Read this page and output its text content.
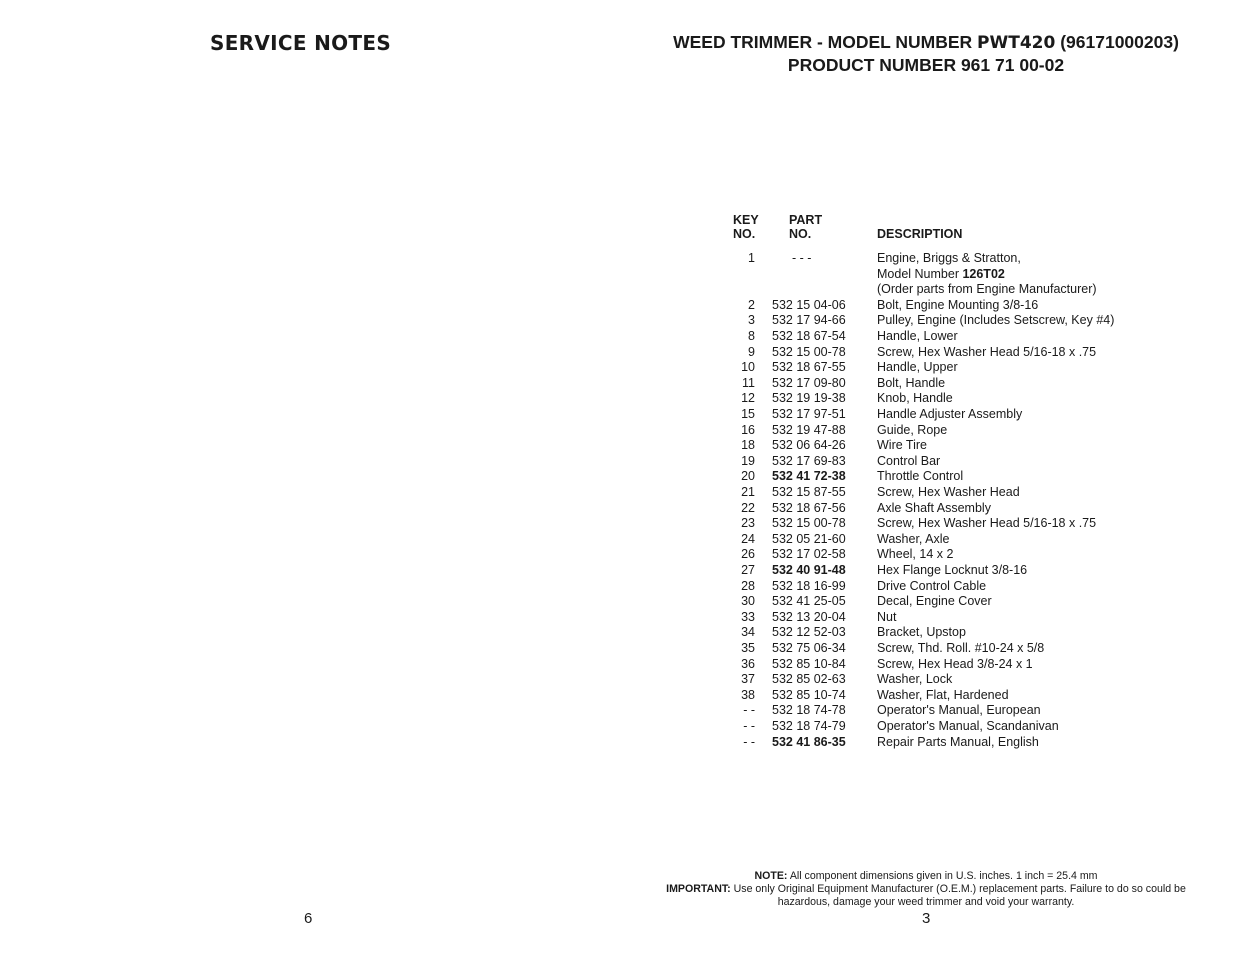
SERVICE NOTES	WEED TRIMMER - MODEL NUMBER PWT420 (96171000203)
PRODUCT NUMBER 961 71 00-02
KEY
NO.
PART
NO.	DESCRIPTION
1	- - -	Engine, Briggs & Stratton,
Model Number 126T02
(Order parts from Engine Manufacturer)
2 532 15 04-06	Bolt, Engine Mounting 3/8-16
3 532 17 94-66	Pulley, Engine (Includes Setscrew, Key #4)
8 532 18 67-54	Handle, Lower
9 532 15 00-78	Screw, Hex Washer Head 5/16-18 x .75
10 532 18 67-55	Handle, Upper
11 532 17 09-80	Bolt, Handle
12 532 19 19-38	Knob, Handle
15 532 17 97-51	Handle Adjuster Assembly
16 532 19 47-88	Guide, Rope
18 532 06 64-26	Wire Tire
19 532 17 69-83	Control Bar
20 532 41 72-38	Throttle Control
21 532 15 87-55	Screw, Hex Washer Head
22 532 18 67-56	Axle Shaft Assembly
23 532 15 00-78	Screw, Hex Washer Head 5/16-18 x .75
24 532 05 21-60	Washer, Axle
26 532 17 02-58	Wheel, 14 x 2
27 532 40 91-48	Hex Flange Locknut 3/8-16
28 532 18 16-99	Drive Control Cable
30 532 41 25-05	Decal, Engine Cover
33 532 13 20-04	Nut
34 532 12 52-03	Bracket, Upstop
35 532 75 06-34	Screw, Thd. Roll. #10-24 x 5/8
36 532 85 10-84	Screw, Hex Head 3/8-24 x 1
37 532 85 02-63	Washer, Lock
38 532 85 10-74	Washer, Flat, Hardened
- - 532 18 74-78	Operator's Manual, European
- - 532 18 74-79	Operator's Manual, Scandanivan
- - 532 41 86-35	Repair Parts Manual, English
NOTE: All component dimensions given in U.S. inches. 1 inch = 25.4 mm
IMPORTANT: Use only Original Equipment Manufacturer (O.E.M.) replacement parts. Failure to do so could be
hazardous, damage your weed trimmer and void your warranty.
6	3
